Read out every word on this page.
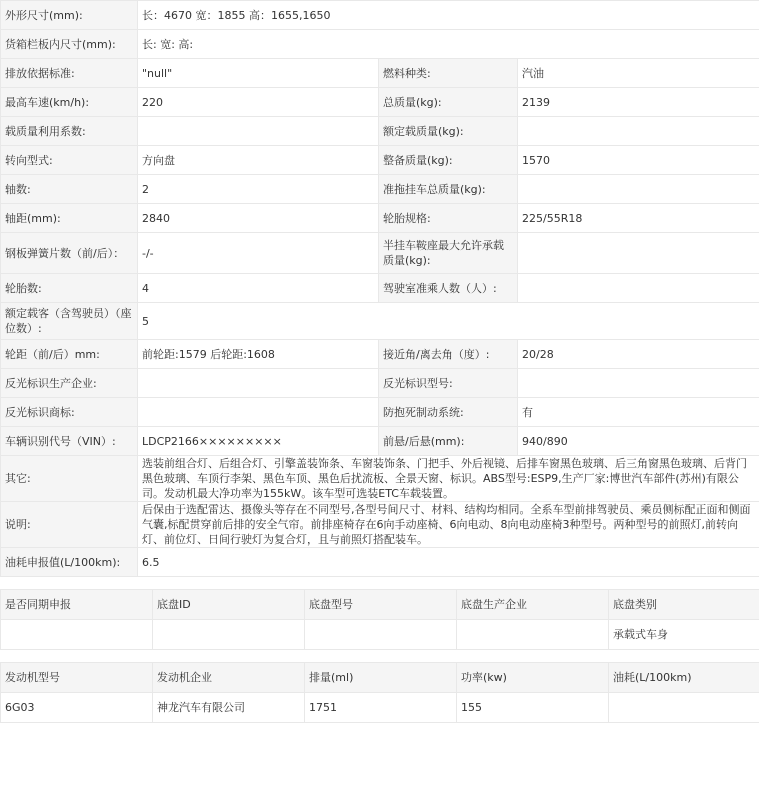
外形尺寸(mm):	长：4670 宽：1855 高：1655,1650		
货箱栏板内尺寸(mm):	长: 宽: 高:		
排放依据标准:	"null"	燃料种类:	汽油
最高车速(km/h):	220	总质量(kg):	2139
载质量利用系数:		额定载质量(kg):	
转向型式:	方向盘	整备质量(kg):	1570
轴数:	2	准拖挂车总质量(kg):	
轴距(mm):	2840	轮胎规格:	225/55R18
钢板弹簧片数（前/后）：	-/-	半挂车鞍座最大允许承载质量(kg):	
轮胎数:	4	驾驶室准乘人数（人）:	
额定载客（含驾驶员）（座位数）:	5		
轮距（前/后）mm:	前轮距:1579 后轮距:1608	接近角/离去角（度）:	20/28
反光标识生产企业:		反光标识型号:	
反光标识商标:		防抱死制动系统:	有
车辆识别代号（VIN）:	LDCP2166×××××××××	前悬/后悬(mm):	940/890
其它:	选装前组合灯、后组合灯、引擎盖装饰条、车窗装饰条、门把手、外后视镜、后排车窗黑色玻璃、后三角窗黑色玻璃、后背门黑色玻璃、车顶行李架、黑色车顶、黑色后扰流板、全景天窗、标识。ABS型号:ESP9,生产厂家:博世汽车部件(苏州)有限公司。发动机最大净功率为155kW。该车型可选装ETC车载装置。		
说明:	后保由于选配雷达、摄像头等存在不同型号,各型号间尺寸、材料、结构均相同。全系车型前排驾驶员、乘员侧标配正面和侧面气囊,标配贯穿前后排的安全气帘。前排座椅存在6向手动座椅、6向电动、8向电动座椅3种型号。两种型号的前照灯,前转向灯、前位灯、日间行驶灯为复合灯，且与前照灯搭配装车。		
油耗申报值(L/100km):	6.5		
是否同期申报	底盘ID	底盘型号	底盘生产企业	底盘类别
				承载式车身
发动机型号	发动机企业	排量(ml)	功率(kw)	油耗(L/100km)
6G03	神龙汽车有限公司	1751	155	
